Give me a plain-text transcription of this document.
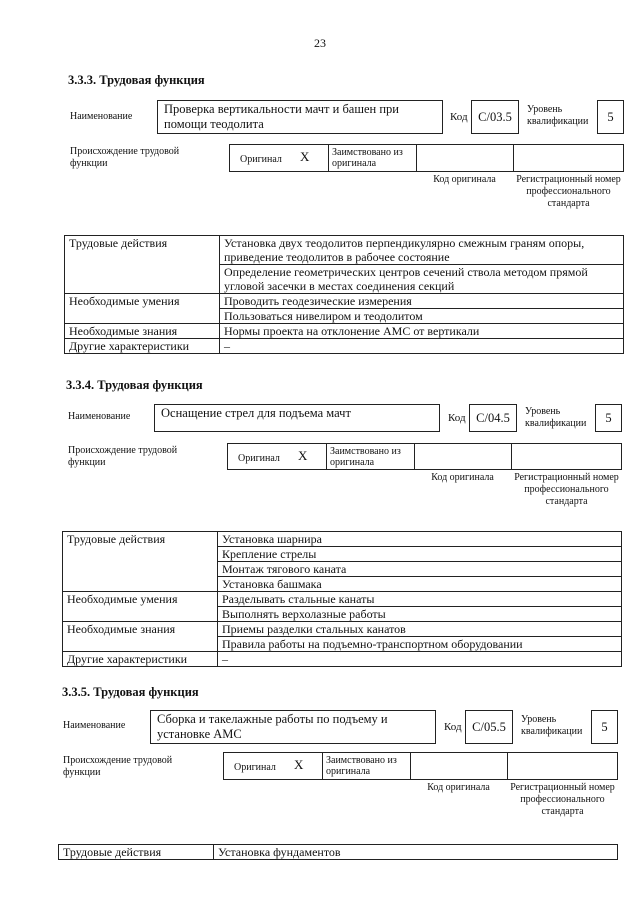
23
3.3.3. Трудовая функция
Наименование
Проверка вертикальности мачт и башен при помощи теодолита	Код C/03.5	Уровень квалификации	5
Происхождение трудовой функции	Оригинал X	Заимствовано из оригинала
Код оригинала	Регистрационный номер профессионального стандарта
Трудовые действия	Установка двух теодолитов перпендикулярно смежным граням опоры, приведение теодолитов в рабочее состояние
	Определение геометрических центров сечений ствола методом прямой угловой засечки в местах соединения секций
Необходимые умения	Проводить геодезические измерения
	Пользоваться нивелиром и теодолитом
Необходимые знания	Нормы проекта на отклонение АМС от вертикали
Другие характеристики	–
3.3.4. Трудовая функция
Наименование	Оснащение стрел для подъема мачт	Код C/04.5	Уровень квалификации	5
Происхождение трудовой функции	Оригинал X	Заимствовано из оригинала
Код оригинала	Регистрационный номер профессионального стандарта
Трудовые действия	Установка шарнира
	Крепление стрелы
	Монтаж тягового каната
	Установка башмака
Необходимые умения	Разделывать стальные канаты
	Выполнять верхолазные работы
Необходимые знания	Приемы разделки стальных канатов
	Правила работы на подъемно-транспортном оборудовании
Другие характеристики	–
3.3.5. Трудовая функция
Наименование	Сборка и такелажные работы по подъему и установке АМС	Код C/05.5	Уровень квалификации	5
Происхождение трудовой функции	Оригинал X	Заимствовано из оригинала
Код оригинала	Регистрационный номер профессионального стандарта
Трудовые действия	Установка фундаментов
